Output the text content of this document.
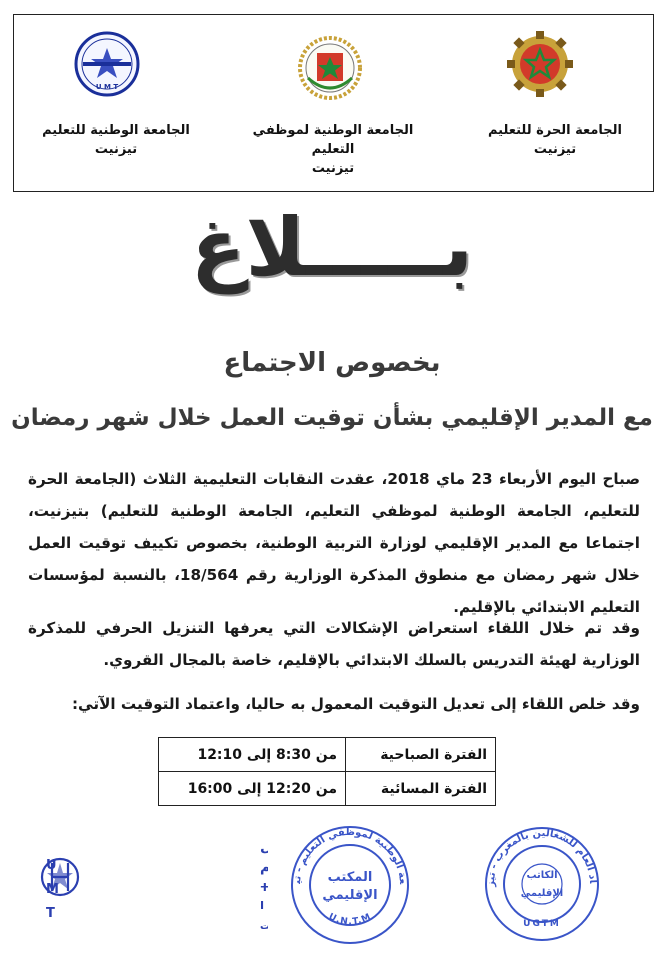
U M T
الجامعة الحرة للتعليم
تيزنيت
الجامعة الوطنية لموظفي التعليم
تيزنيت
الجامعة الوطنية للتعليم
تيزنيت
بـــــلاغ
بخصوص الاجتماع
مع المدير الإقليمي بشأن توقيت العمل خلال شهر رمضان

صباح اليوم الأربعاء 23 ماي 2018، عقدت النقابات التعليمية الثلاث (الجامعة الحرة للتعليم، الجامعة الوطنية لموظفي التعليم، الجامعة الوطنية للتعليم) بتيزنيت، اجتماعا مع المدير الإقليمي لوزارة التربية الوطنية، بخصوص تكييف توقيت العمل خلال شهر رمضان مع منطوق المذكرة الوزارية رقم 18/564، بالنسبة لمؤسسات التعليم الابتدائي بالإقليم.

وقد تم خلال اللقاء استعراض الإشكالات التي يعرفها التنزيل الحرفي للمذكرة الوزارية لهيئة التدريس بالسلك الابتدائي بالإقليم، خاصة بالمجال القروي.

وقد خلص اللقاء إلى تعديل التوقيت المعمول به حاليا، واعتماد التوقيت الآتي:

الفترة الصباحية	من 8:30 إلى 12:10
الفترة المسائية	من 12:20 إلى 16:00
U
M
T
ل
م
ⵜ
ⵏ
ت
عة الوطنية لموظفي التعليم - تي
U.N.T.M
المكتب
الإقليمي
اد العام للشغالين بالمغرب - تيز
الكاتب
الإقليمي
UGTM
